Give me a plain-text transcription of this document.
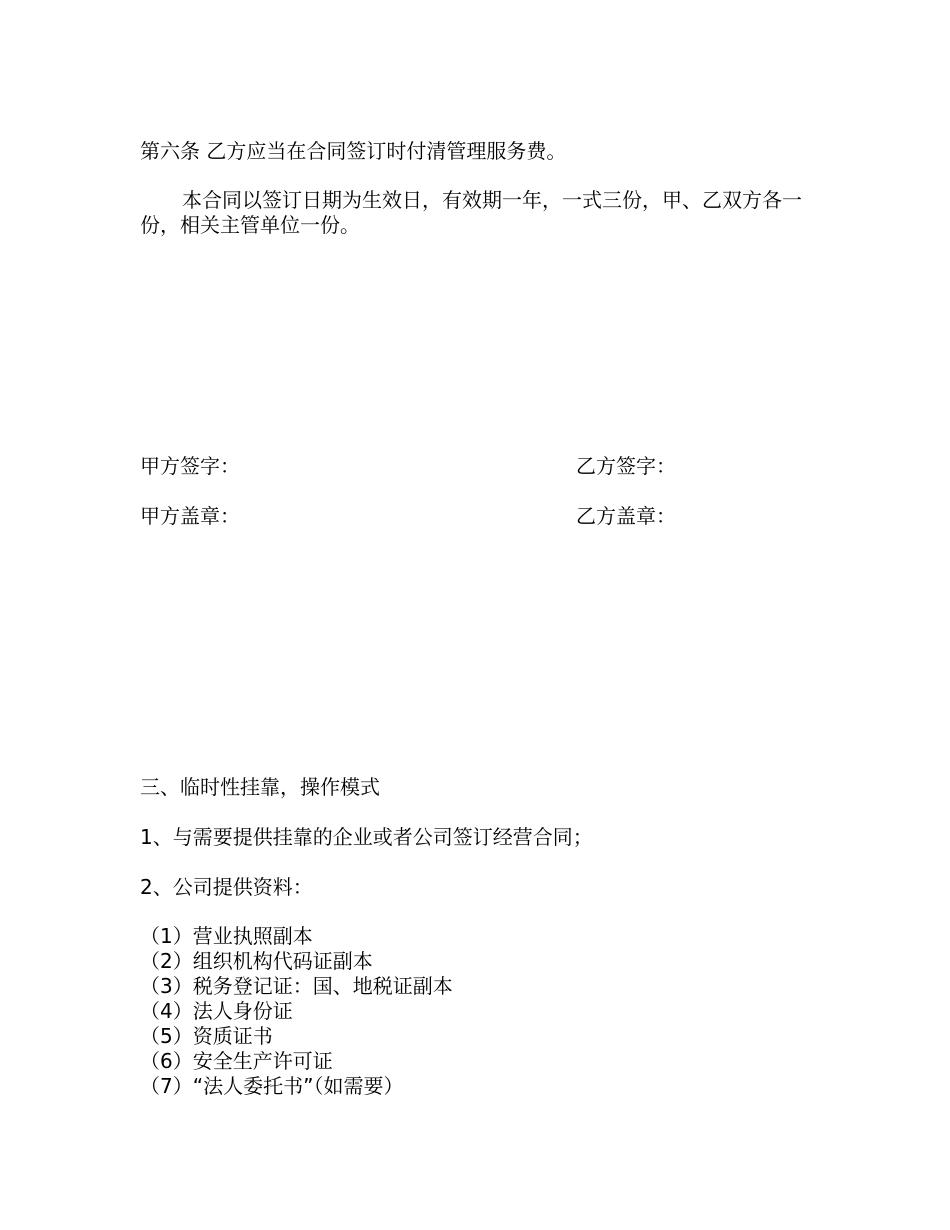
第六条 乙方应当在合同签订时付清管理服务费。
本合同以签订日期为生效日，有效期一年，一式三份，甲、乙双方各一份，相关主管单位一份。
甲方签字：	乙方签字：
甲方盖章：	乙方盖章：
三、临时性挂靠，操作模式
1、与需要提供挂靠的企业或者公司签订经营合同；
2、公司提供资料：
（1）营业执照副本
（2）组织机构代码证副本
（3）税务登记证：国、地税证副本
（4）法人身份证
（5）资质证书
（6）安全生产许可证
（7）“法人委托书”（如需要）
